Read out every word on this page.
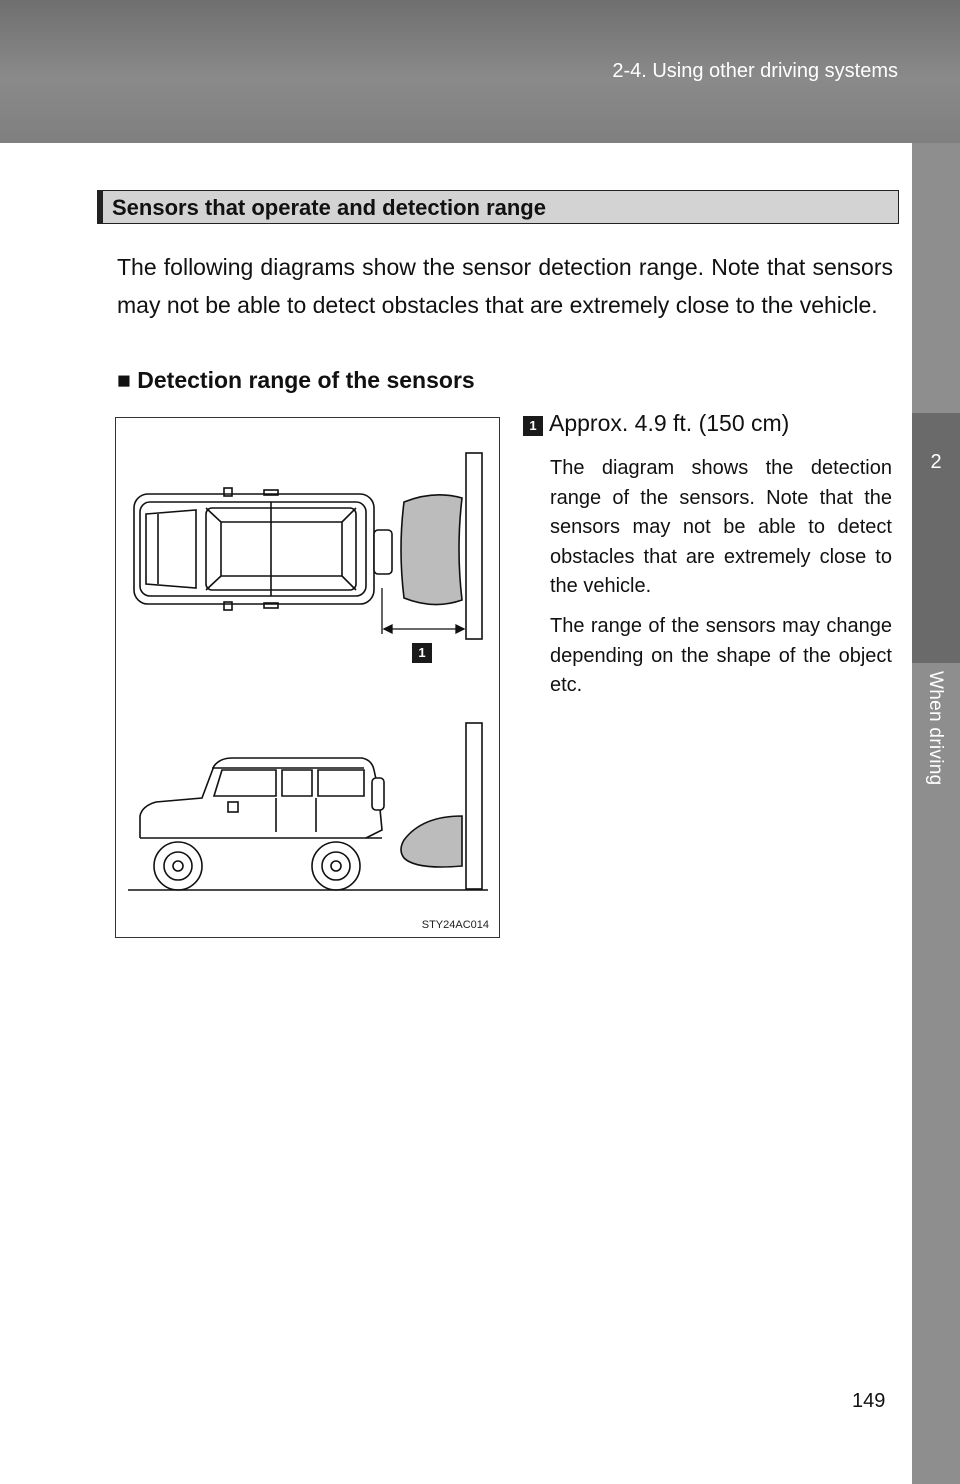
2-4. Using other driving systems
2
When driving
Sensors that operate and detection range

The following diagrams show the sensor detection range. Note that sensors may not be able to detect obstacles that are extremely close to the vehicle.

■ Detection range of the sensors
STY24AC014
1
1 Approx. 4.9 ft. (150 cm)

The diagram shows the detection range of the sensors. Note that the sensors may not be able to detect obstacles that are extremely close to the vehicle.

The range of the sensors may change depending on the shape of the object etc.

149
